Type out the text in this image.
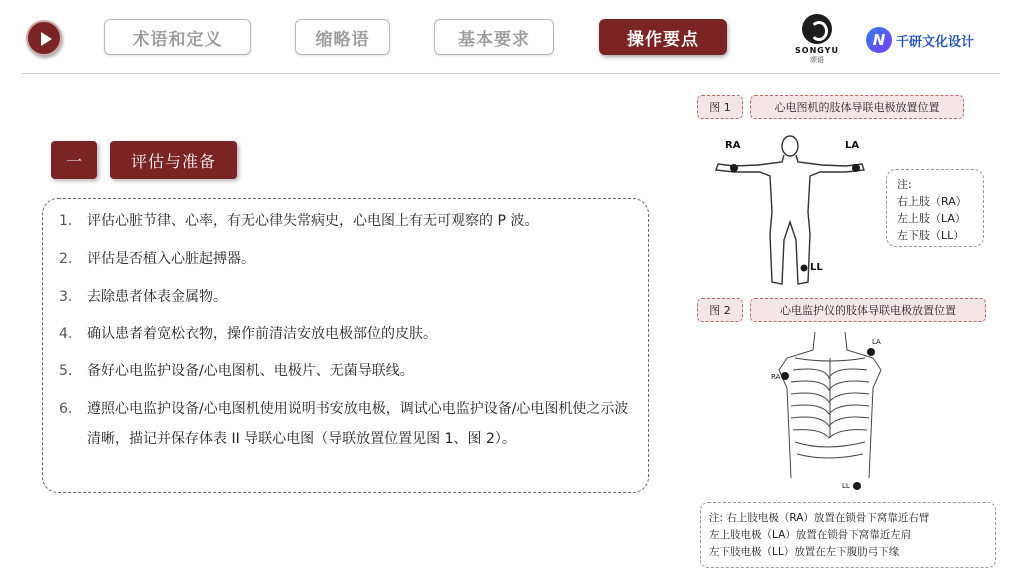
术语和定义	缩略语	基本要求	操作要点
SONGYU
颂语
N 千研文化设计
一	评估与准备
1.	评估心脏节律、心率，有无心律失常病史，心电图上有无可观察的 P 波。
2.	评估是否植入心脏起搏器。
3.	去除患者体表金属物。
4.	确认患者着宽松衣物，操作前清洁安放电极部位的皮肤。
5.	备好心电监护设备/心电图机、电极片、无菌导联线。
6.	遵照心电监护设备/心电图机使用说明书安放电极，调试心电监护设备/心电图机使之示波清晰，描记并保存体表 II 导联心电图（导联放置位置见图 1、图 2）。
图 1	心电图机的肢体导联电极放置位置
RA	LA
LL
注:
右上肢（RA）
左上肢（LA）
左下肢（LL）
图 2	心电监护仪的肢体导联电极放置位置
RA
LA
LL
注: 右上肢电极（RA）放置在锁骨下窝靠近右臂
左上肢电极（LA）放置在锁骨下窝靠近左肩
左下肢电极（LL）放置在左下腹肋弓下缘
